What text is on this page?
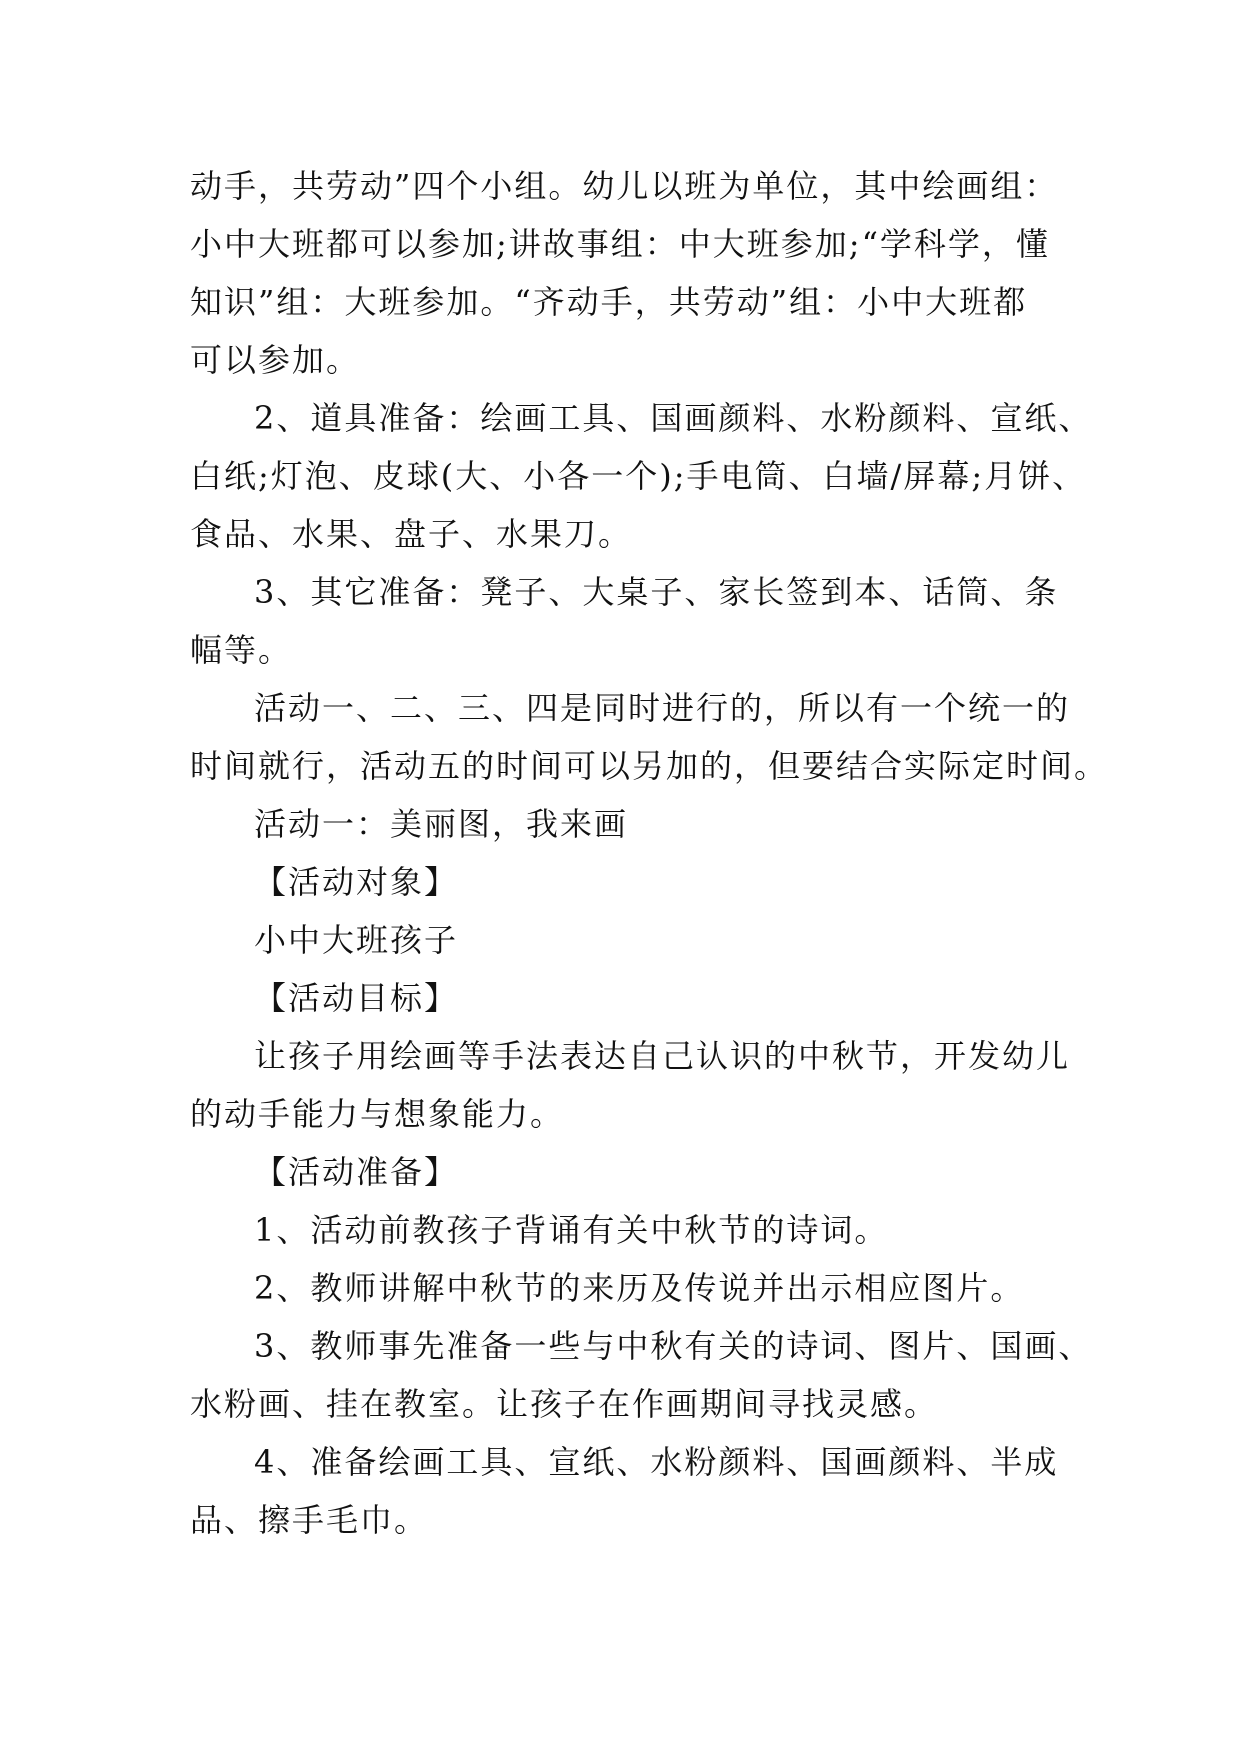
动手，共劳动”四个小组。幼儿以班为单位，其中绘画组：
小中大班都可以参加;讲故事组：中大班参加;“学科学，懂
知识”组：大班参加。“齐动手，共劳动”组：小中大班都
可以参加。
2、道具准备：绘画工具、国画颜料、水粉颜料、宣纸、
白纸;灯泡、皮球(大、小各一个);手电筒、白墙/屏幕;月饼、
食品、水果、盘子、水果刀。
3、其它准备：凳子、大桌子、家长签到本、话筒、条
幅等。
活动一、二、三、四是同时进行的，所以有一个统一的
时间就行，活动五的时间可以另加的，但要结合实际定时间。
活动一：美丽图，我来画
【活动对象】
小中大班孩子
【活动目标】
让孩子用绘画等手法表达自己认识的中秋节，开发幼儿
的动手能力与想象能力。
【活动准备】
1、活动前教孩子背诵有关中秋节的诗词。
2、教师讲解中秋节的来历及传说并出示相应图片。
3、教师事先准备一些与中秋有关的诗词、图片、国画、
水粉画、挂在教室。让孩子在作画期间寻找灵感。
4、准备绘画工具、宣纸、水粉颜料、国画颜料、半成
品、擦手毛巾。
